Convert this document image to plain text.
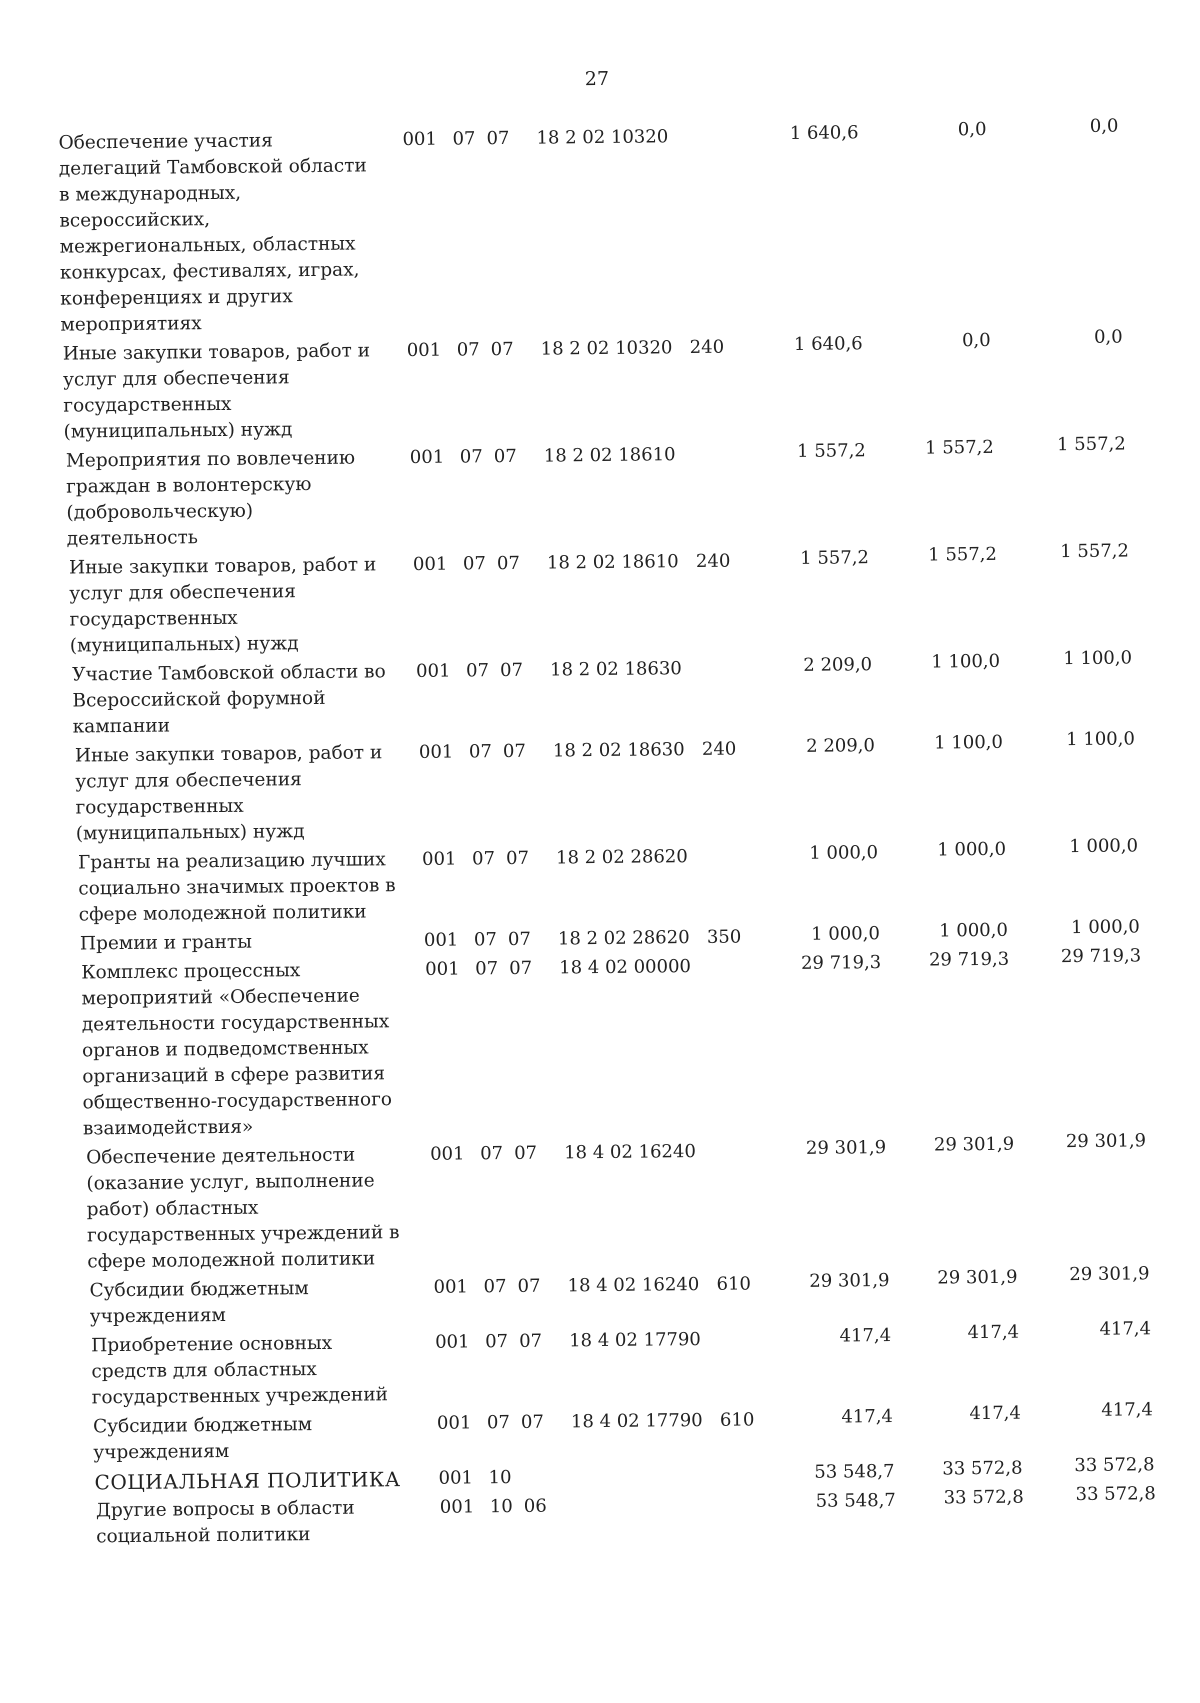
27
Обеспечение участия делегаций Тамбовской области в международных, всероссийских, межрегиональных, областных конкурсах, фестивалях, играх, конференциях и других мероприятиях
001 07 07 18 2 02 10320	1 640,6	0,0	0,0
Иные закупки товаров, работ и услуг для обеспечения государственных (муниципальных) нужд
001 07 07 18 2 02 10320 240	1 640,6	0,0	0,0
Мероприятия по вовлечению граждан в волонтерскую (добровольческую) деятельность
001 07 07 18 2 02 18610	1 557,2	1 557,2	1 557,2
Иные закупки товаров, работ и услуг для обеспечения государственных (муниципальных) нужд
001 07 07 18 2 02 18610 240	1 557,2	1 557,2	1 557,2
Участие Тамбовской области во Всероссийской форумной кампании
001 07 07 18 2 02 18630	2 209,0	1 100,0	1 100,0
Иные закупки товаров, работ и услуг для обеспечения государственных (муниципальных) нужд
001 07 07 18 2 02 18630 240	2 209,0	1 100,0	1 100,0
Гранты на реализацию лучших социально значимых проектов в сфере молодежной политики
001 07 07 18 2 02 28620	1 000,0	1 000,0	1 000,0
Премии и гранты	001 07 07 18 2 02 28620 350	1 000,0	1 000,0	1 000,0
Комплекс процессных мероприятий «Обеспечение деятельности государственных органов и подведомственных организаций в сфере развития общественно-государственного взаимодействия»
001 07 07 18 4 02 00000	29 719,3	29 719,3	29 719,3
Обеспечение деятельности (оказание услуг, выполнение работ) областных государственных учреждений в сфере молодежной политики
001 07 07 18 4 02 16240	29 301,9	29 301,9	29 301,9
Субсидии бюджетным учреждениям
001 07 07 18 4 02 16240 610	29 301,9	29 301,9	29 301,9
Приобретение основных средств для областных государственных учреждений
001 07 07 18 4 02 17790	417,4	417,4	417,4
Субсидии бюджетным учреждениям
001 07 07 18 4 02 17790 610	417,4	417,4	417,4
СОЦИАЛЬНАЯ ПОЛИТИКА	001 10	53 548,7	33 572,8	33 572,8
Другие вопросы в области социальной политики
001 10 06	53 548,7	33 572,8	33 572,8
